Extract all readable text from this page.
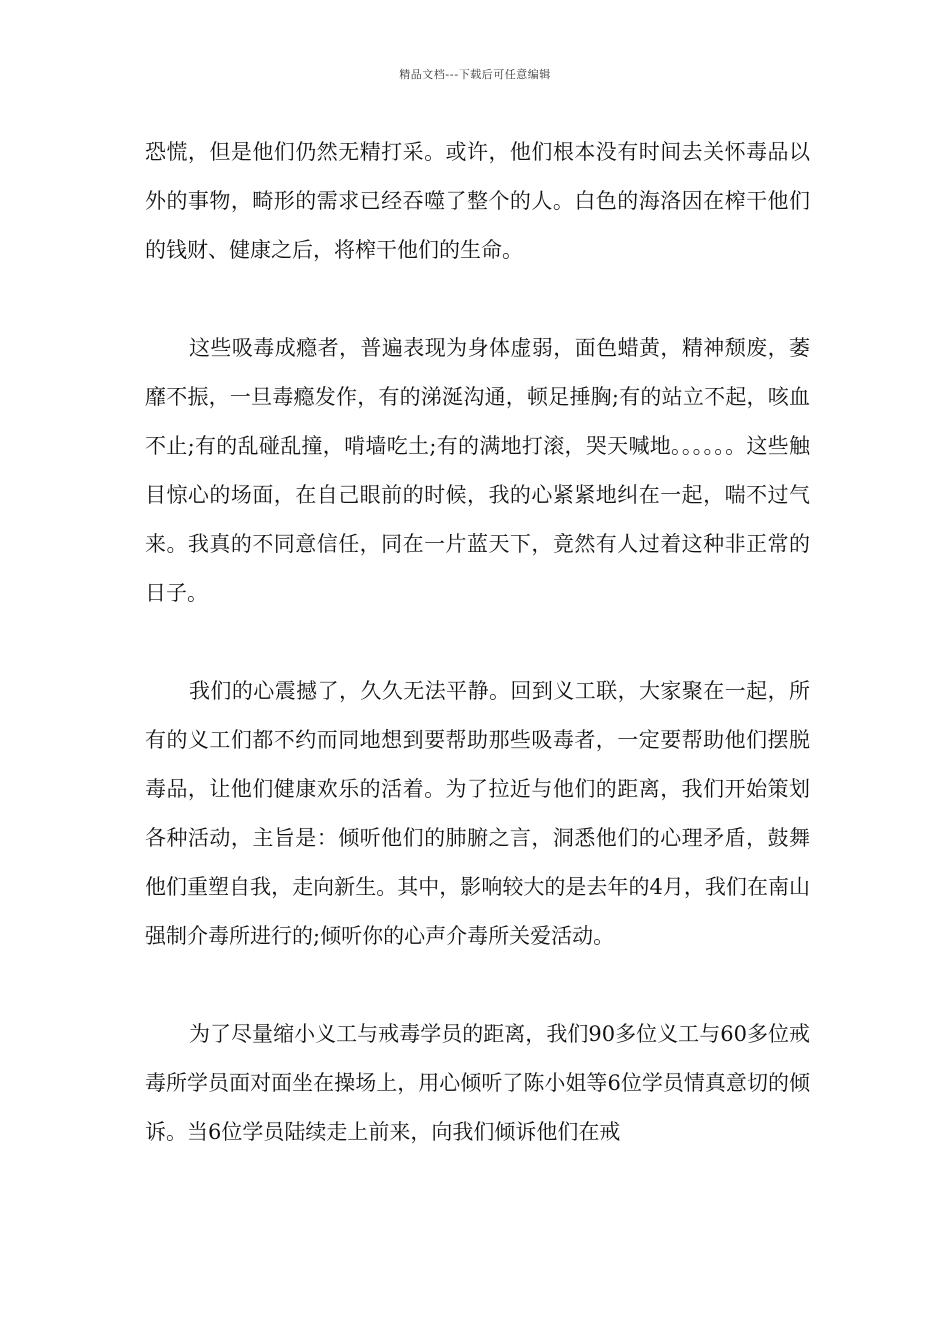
精品文档---下载后可任意编辑

恐慌，但是他们仍然无精打采。或许，他们根本没有时间去关怀毒品以外的事物，畸形的需求已经吞噬了整个的人。白色的海洛因在榨干他们的钱财、健康之后，将榨干他们的生命。

这些吸毒成瘾者，普遍表现为身体虚弱，面色蜡黄，精神颓废，萎靡不振，一旦毒瘾发作，有的涕涎沟通，顿足捶胸;有的站立不起，咳血不止;有的乱碰乱撞，啃墙吃土;有的满地打滚，哭天喊地。。。。。。这些触目惊心的场面，在自己眼前的时候，我的心紧紧地纠在一起，喘不过气来。我真的不同意信任，同在一片蓝天下，竟然有人过着这种非正常的日子。

我们的心震撼了，久久无法平静。回到义工联，大家聚在一起，所有的义工们都不约而同地想到要帮助那些吸毒者，一定要帮助他们摆脱毒品，让他们健康欢乐的活着。为了拉近与他们的距离，我们开始策划各种活动，主旨是：倾听他们的肺腑之言，洞悉他们的心理矛盾，鼓舞他们重塑自我，走向新生。其中，影响较大的是去年的4月，我们在南山强制介毒所进行的;倾听你的心声介毒所关爱活动。

为了尽量缩小义工与戒毒学员的距离，我们90多位义工与60多位戒毒所学员面对面坐在操场上，用心倾听了陈小姐等6位学员情真意切的倾诉。当6位学员陆续走上前来，向我们倾诉他们在戒
